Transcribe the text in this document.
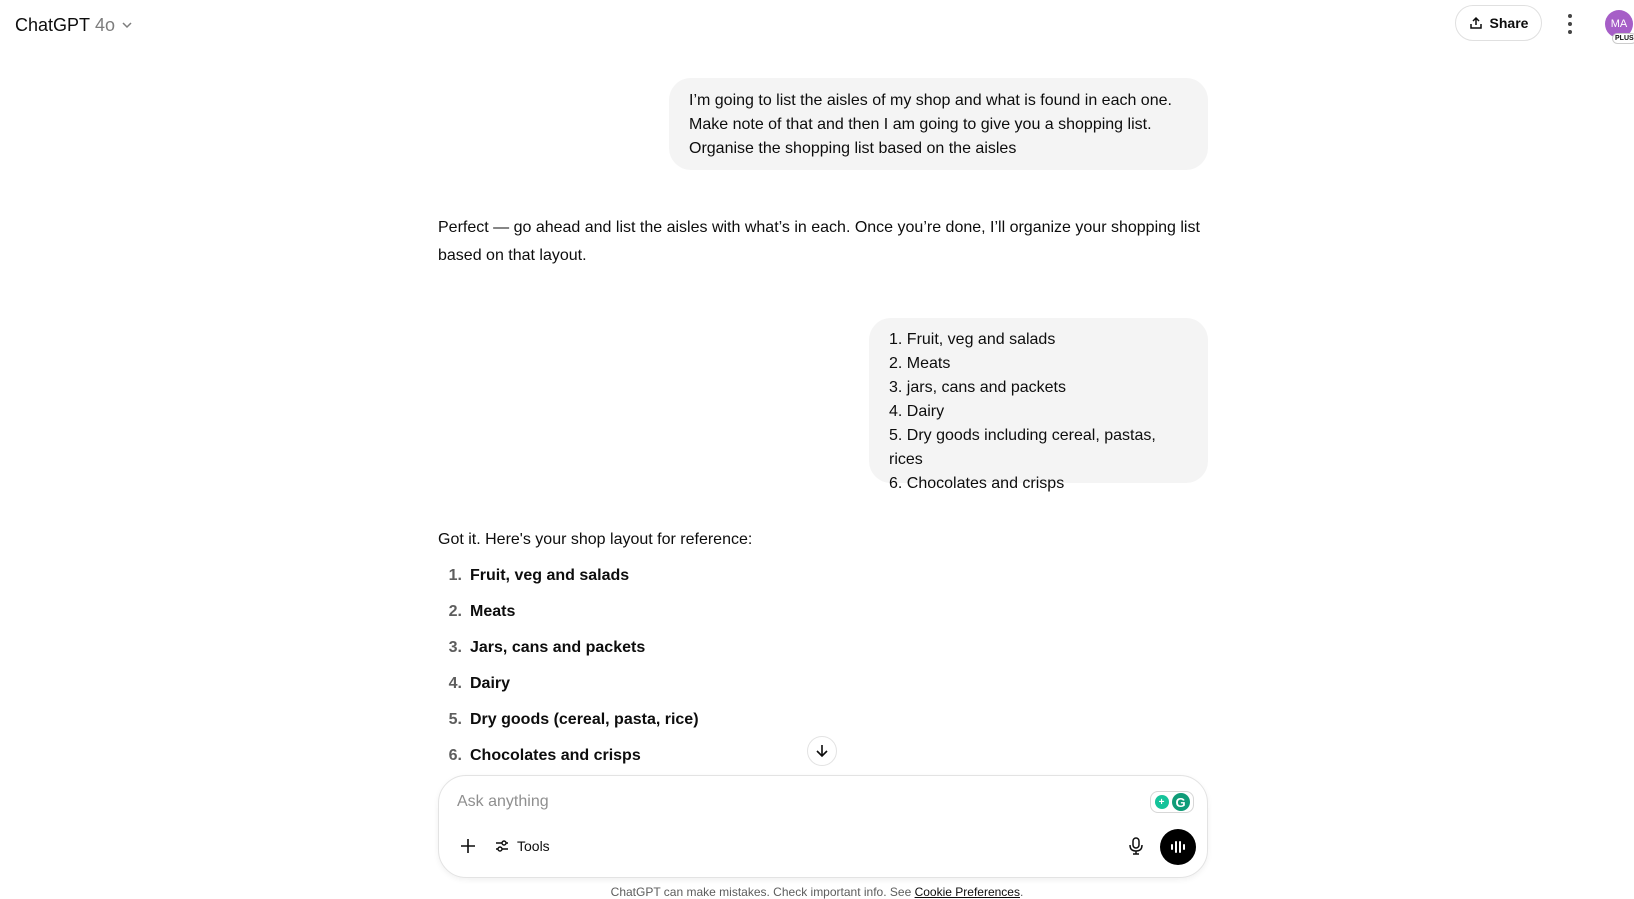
ChatGPT 4o	Share	MA
PLUS
I’m going to list the aisles of my shop and what is found in each one.
Make note of that and then I am going to give you a shopping list.
Organise the shopping list based on the aisles
Perfect — go ahead and list the aisles with what’s in each. Once you’re done, I’ll organize your shopping list based on that layout.
1. Fruit, veg and salads
2. Meats
3. jars, cans and packets
4. Dairy
5. Dry goods including cereal, pastas, rices
6. Chocolates and crisps
Got it. Here's your shop layout for reference:
1. Fruit, veg and salads
2. Meats
3. Jars, cans and packets
4. Dairy
5. Dry goods (cereal, pasta, rice)
6. Chocolates and crisps
Ask anything	+ G
Tools
ChatGPT can make mistakes. Check important info. See Cookie Preferences.
